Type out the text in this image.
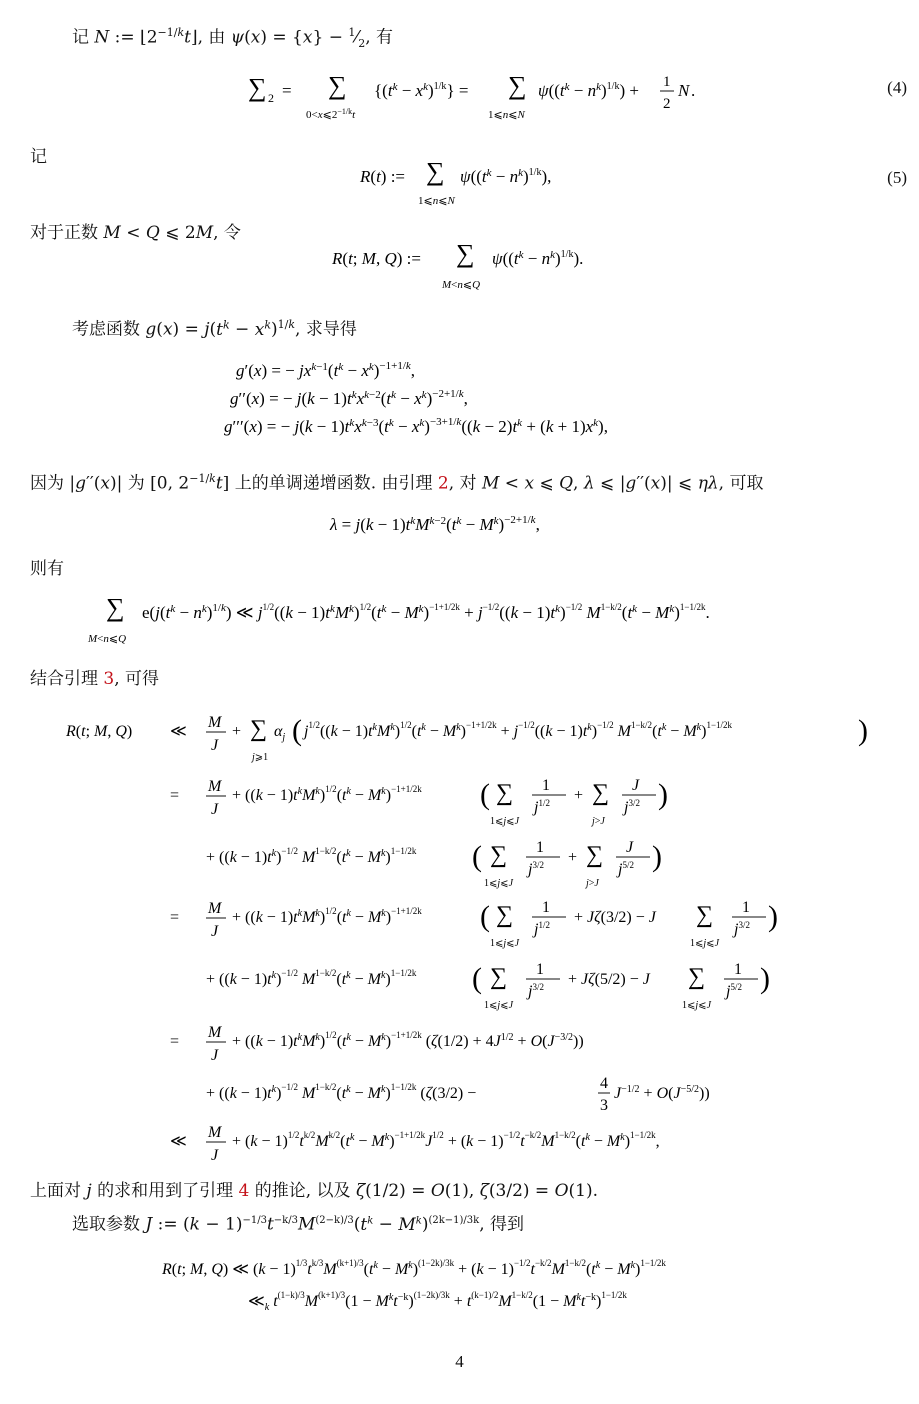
记 N := $⌊2^{-1/k}t⌋$, 由 $\psi(x) = \{x\} - ^1⁄_2$, 有
∑ 2 = ∑
$0<x⩽2^{-1/k}t$
$\{(t^k - x^k)^{1/k}\}$ = ∑
1⩽n⩽N
$\psi((t^k - n^k)^{1/k}) + 1$
2
N .	(4)
记
R(t) := ∑
1⩽n⩽N
$\psi((t^k - n^k)^{1/k})$,	(5)
对于正数 M < Q ⩽ 2M, 令
R(t; M, Q) := ∑
M<n⩽Q
$\psi((t^k - n^k)^{1/k})$.
考虑函数 $g(x) = j(t^k - x^k)^{1/k}$, 求导得
g′(x) = − $jx^{k-1}(t^k - x^k)^{-1+1/k}$,
g′′(x) = − $j(k - 1)t^kx^{k-2}(t^k - x^k)^{-2+1/k}$,
g′′′(x) = − $j(k - 1)t^kx^{k-3}(t^k - x^k)^{-3+1/k}((k - 2)t^k + (k + 1)x^k)$,
因为 |g′′(x)| 为 [0, $2^{-1/k}t$] 上的单调递增函数. 由引理 2, 对 M < x ⩽ Q, λ ⩽ |g′′(x)| ⩽ ηλ, 可取
$\lambda = j(k - 1)t^kM^{k-2}(t^k - M^k)^{-2+1/k}$,
则有
∑
M<n⩽Q
$e(j(t^k - n^k)^{1/k})$ ≪ $j^{1/2}((k - 1)t^kM^k)^{1/2}(t^k - M^k)^{-1+1/2k} + j^{-1/2}((k - 1)t^k)^{-1/2}$ $M^{1-k/2}(t^k - M^k)^{1-1/2k}$.
结合引理 3, 可得
M
J
R(t; M, Q) ≪	+ ∑
j⩾1
$\alpha_j$ ( $j^{1/2}((k - 1)t^kM^k)^{1/2}(t^k - M^k)^{-1+1/2k} + j^{-1/2}((k - 1)t^k)^{-1/2}$ $M^{1-k/2}(t^k - M^k)^{1-1/2k}$	)
=	+ $((k - 1)t^kM^k)^{1/2}(t^k - M^k)^{-1+1/2k}$ ( ∑
1⩽j⩽J
1
$j^{1/2}$ + ∑
j>J
J
$j^{3/2}$ )
+ $((k - 1)t^k)^{-1/2}$ $M^{1-k/2}(t^k - M^k)^{1-1/2k}$ ( ∑
1⩽j⩽J
1
$j^{3/2}$ + ∑
j>J
J
$j^{5/2}$ )
=	+ $((k - 1)t^kM^k)^{1/2}(t^k - M^k)^{-1+1/2k}$ ( ∑
1⩽j⩽J
1
$j^{1/2} + J\zeta(3/2) - J$ ∑
1⩽j⩽J
1
$j^{3/2}$ )
+ $((k - 1)t^k)^{-1/2}$ $M^{1-k/2}(t^k - M^k)^{1-1/2k}$ ( ∑
1⩽j⩽J
1
$j^{3/2} + J\zeta(5/2) - J$ ∑
1⩽j⩽J
1
$j^{5/2}$ )
=	+ $((k - 1)t^kM^k)^{1/2}(t^k - M^k)^{-1+1/2k}$ $(\zeta(1/2) + 4J^{1/2} + O(J^{-3/2}))$
+ $((k - 1)t^k)^{-1/2}$ $M^{1-k/2}(t^k - M^k)^{1-1/2k}$ (ζ(3/2) −
4
3
$J^{-1/2} + O(J^{-5/2})$)
≪	+ $(k - 1)^{1/2}t^{k/2}M^{k/2}(t^k - M^k)^{-1+1/2k}J^{1/2} + (k - 1)^{-1/2}t^{-k/2}M^{1-k/2}(t^k - M^k)^{1-1/2k}$,
上面对 j 的求和用到了引理 4 的推论, 以及 ζ(1/2) = O(1), ζ(3/2) = O(1).
选取参数 J := $(k - 1)^{-1/3}t^{-k/3}M^{(2-k)/3}(t^k - M^k)^{(2k-1)/3k}$, 得到
R(t; M, Q) ≪ $(k - 1)^{1/3}t^{k/3}M^{(k+1)/3}(t^k - M^k)^{(1-2k)/3k} + (k - 1)^{-1/2}t^{-k/2}M^{1-k/2}(t^k - M^k)^{1-1/2k}$
$≪_k$ $t^{(1-k)/3}M^{(k+1)/3}(1 - M^kt^{-k})^{(1-2k)/3k} + t^{(k-1)/2}M^{1-k/2}(1 - M^kt^{-k})^{1-1/2k}$
4
